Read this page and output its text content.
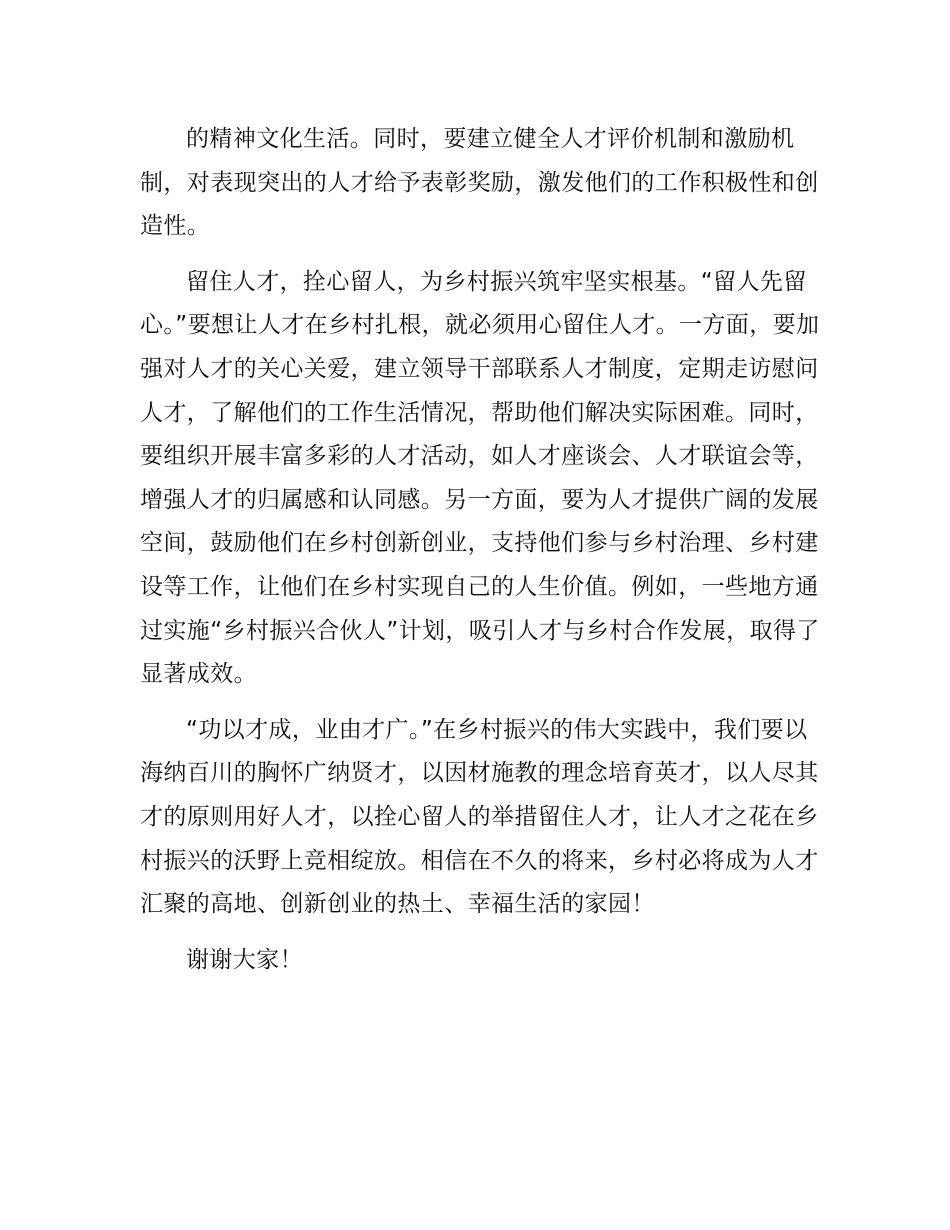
的精神文化生活。同时，要建立健全人才评价机制和激励机制，对表现突出的人才给予表彰奖励，激发他们的工作积极性和创造性。

留住人才，拴心留人，为乡村振兴筑牢坚实根基。“留人先留心。”要想让人才在乡村扎根，就必须用心留住人才。一方面，要加强对人才的关心关爱，建立领导干部联系人才制度，定期走访慰问人才，了解他们的工作生活情况，帮助他们解决实际困难。同时，要组织开展丰富多彩的人才活动，如人才座谈会、人才联谊会等，增强人才的归属感和认同感。另一方面，要为人才提供广阔的发展空间，鼓励他们在乡村创新创业，支持他们参与乡村治理、乡村建设等工作，让他们在乡村实现自己的人生价值。例如，一些地方通过实施“乡村振兴合伙人”计划，吸引人才与乡村合作发展，取得了显著成效。

“功以才成，业由才广。”在乡村振兴的伟大实践中，我们要以海纳百川的胸怀广纳贤才，以因材施教的理念培育英才，以人尽其才的原则用好人才，以拴心留人的举措留住人才，让人才之花在乡村振兴的沃野上竞相绽放。相信在不久的将来，乡村必将成为人才汇聚的高地、创新创业的热土、幸福生活的家园！

谢谢大家！
